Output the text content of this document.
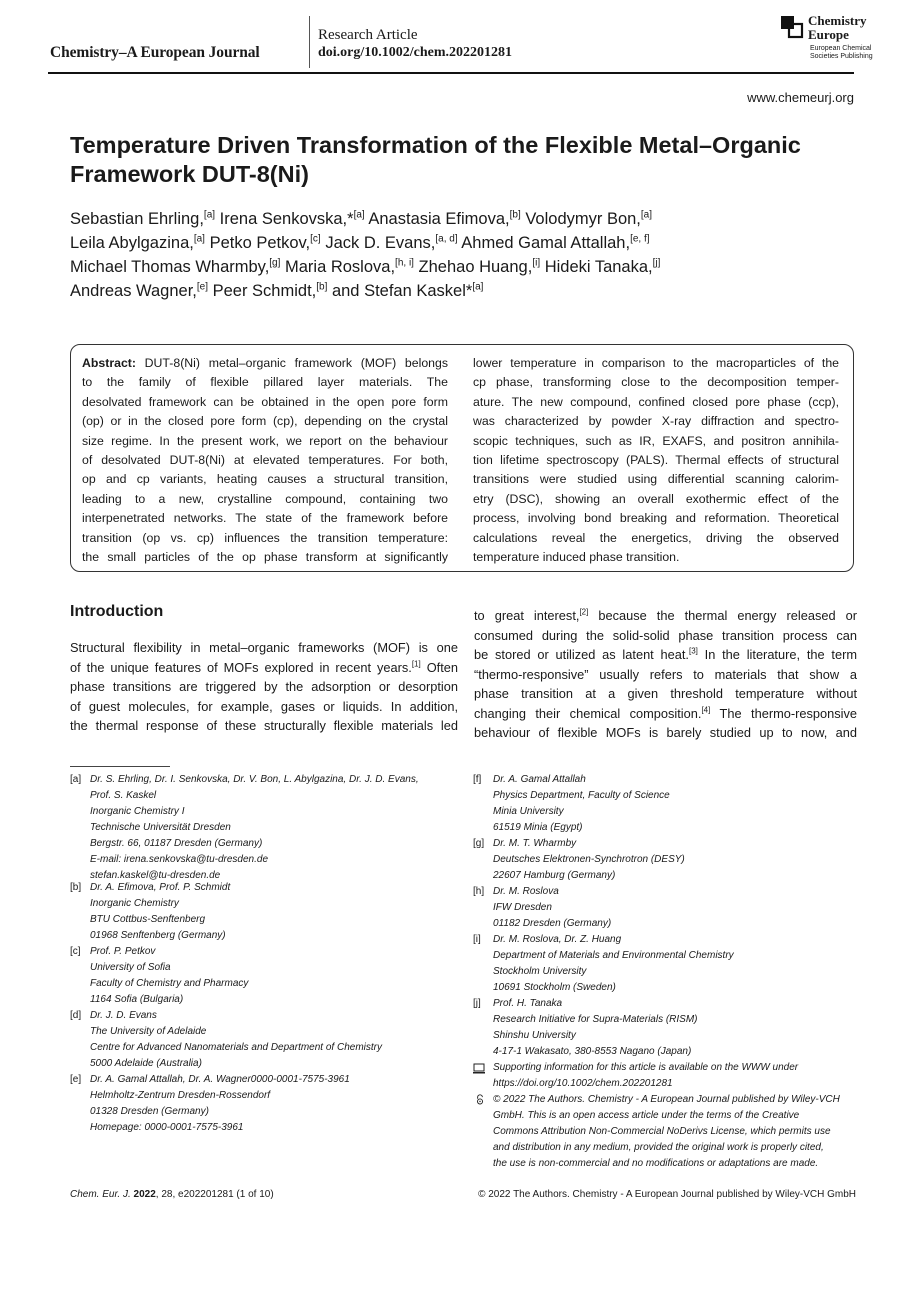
Chemistry–A European Journal
Research Article
doi.org/10.1002/chem.202201281
Chemistry
Europe
European Chemical
Societies Publishing
www.chemeurj.org
Temperature Driven Transformation of the Flexible Metal–Organic Framework DUT-8(Ni)
Sebastian Ehrling,[a] Irena Senkovska,*[a] Anastasia Efimova,[b] Volodymyr Bon,[a]
Leila Abylgazina,[a] Petko Petkov,[c] Jack D. Evans,[a, d] Ahmed Gamal Attallah,[e, f]
Michael Thomas Wharmby,[g] Maria Roslova,[h, i] Zhehao Huang,[i] Hideki Tanaka,[j]
Andreas Wagner,[e] Peer Schmidt,[b] and Stefan Kaskel*[a]
Abstract: DUT-8(Ni) metal–organic framework (MOF) belongs
to the family of flexible pillared layer materials. The
desolvated framework can be obtained in the open pore form
(op) or in the closed pore form (cp), depending on the crystal
size regime. In the present work, we report on the behaviour
of desolvated DUT-8(Ni) at elevated temperatures. For both,
op and cp variants, heating causes a structural transition,
leading to a new, crystalline compound, containing two
interpenetrated networks. The state of the framework before
transition (op vs. cp) influences the transition temperature:
the small particles of the op phase transform at significantly
lower temperature in comparison to the macroparticles of the
cp phase, transforming close to the decomposition temper-
ature. The new compound, confined closed pore phase (ccp),
was characterized by powder X-ray diffraction and spectro-
scopic techniques, such as IR, EXAFS, and positron annihila-
tion lifetime spectroscopy (PALS). Thermal effects of structural
transitions were studied using differential scanning calorim-
etry (DSC), showing an overall exothermic effect of the
process, involving bond breaking and reformation. Theoretical
calculations reveal the energetics, driving the observed
temperature induced phase transition.
Introduction
Structural flexibility in metal–organic frameworks (MOF) is one
of the unique features of MOFs explored in recent years.[1] Often
phase transitions are triggered by the adsorption or desorption
of guest molecules, for example, gases or liquids. In addition,
the thermal response of these structurally flexible materials led
to great interest,[2] because the thermal energy released or
consumed during the solid-solid phase transition process can
be stored or utilized as latent heat.[3] In the literature, the term
“thermo-responsive” usually refers to materials that show a
phase transition at a given threshold temperature without
changing their chemical composition.[4] The thermo-responsive
behaviour of flexible MOFs is barely studied up to now, and
[a] Dr. S. Ehrling, Dr. I. Senkovska, Dr. V. Bon, L. Abylgazina, Dr. J. D. Evans,
Prof. S. Kaskel
Inorganic Chemistry I
Technische Universität Dresden
Bergstr. 66, 01187 Dresden (Germany)
E-mail: irena.senkovska@tu-dresden.de
stefan.kaskel@tu-dresden.de
[b] Dr. A. Efimova, Prof. P. Schmidt
Inorganic Chemistry
BTU Cottbus-Senftenberg
01968 Senftenberg (Germany)
[c] Prof. P. Petkov
University of Sofia
Faculty of Chemistry and Pharmacy
1164 Sofia (Bulgaria)
[d] Dr. J. D. Evans
The University of Adelaide
Centre for Advanced Nanomaterials and Department of Chemistry
5000 Adelaide (Australia)
[e] Dr. A. Gamal Attallah, Dr. A. Wagner0000-0001-7575-3961
Helmholtz-Zentrum Dresden-Rossendorf
01328 Dresden (Germany)
Homepage: 0000-0001-7575-3961
[f] Dr. A. Gamal Attallah
Physics Department, Faculty of Science
Minia University
61519 Minia (Egypt)
[g] Dr. M. T. Wharmby
Deutsches Elektronen-Synchrotron (DESY)
22607 Hamburg (Germany)
[h] Dr. M. Roslova
IFW Dresden
01182 Dresden (Germany)
[i] Dr. M. Roslova, Dr. Z. Huang
Department of Materials and Environmental Chemistry
Stockholm University
10691 Stockholm (Sweden)
[j] Prof. H. Tanaka
Research Initiative for Supra-Materials (RISM)
Shinshu University
4-17-1 Wakasato, 380-8553 Nagano (Japan)
Supporting information for this article is available on the WWW under
https://doi.org/10.1002/chem.202201281
© 2022 The Authors. Chemistry - A European Journal published by Wiley-VCH
GmbH. This is an open access article under the terms of the Creative
Commons Attribution Non-Commercial NoDerivs License, which permits use
and distribution in any medium, provided the original work is properly cited,
the use is non-commercial and no modifications or adaptations are made.
Chem. Eur. J. 2022, 28, e202201281 (1 of 10)	© 2022 The Authors. Chemistry - A European Journal published by Wiley-VCH GmbH
